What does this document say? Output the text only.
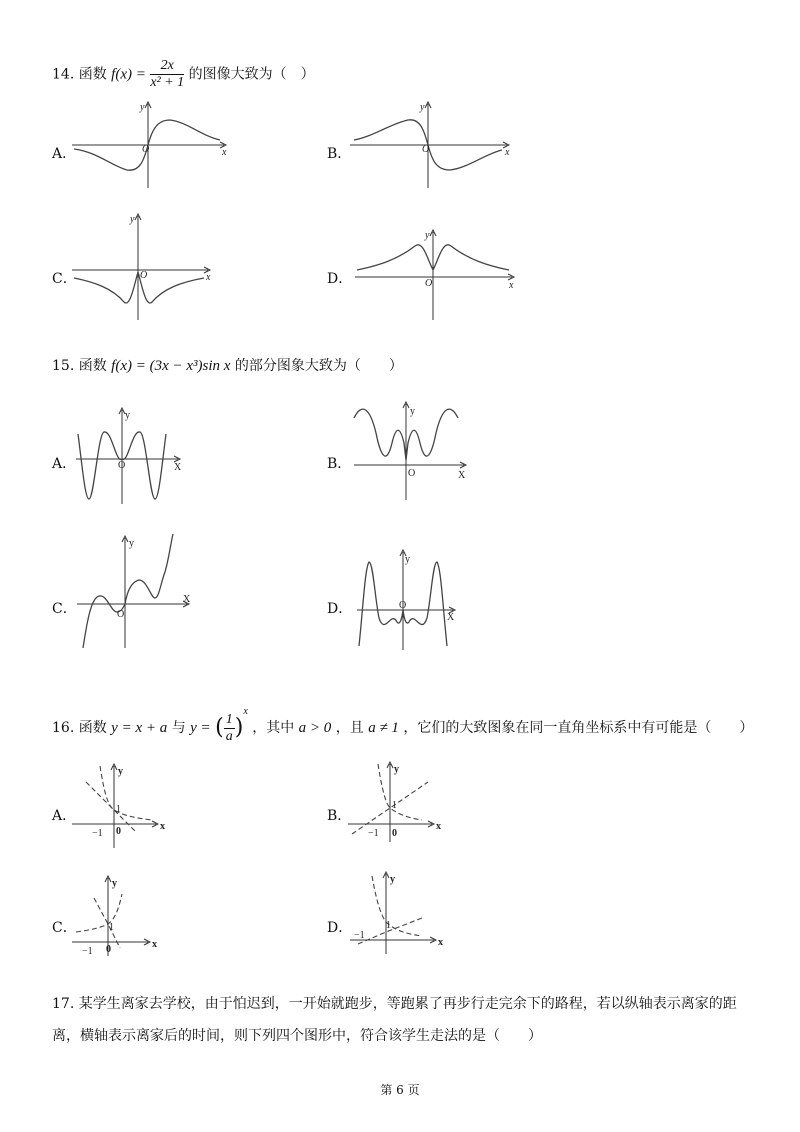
14. 函数 $f(x) = \frac{2x}{\text{x² + 1}}$ 的图像大致为（　）
A．	O	x
y
B．	O	x
y
C．	O	x
y
D．	O	x
y
15. 函数 f(x) = (3x − x³)sin x 的部分图象大致为（　　）
A．	O	X
y
B．
O	X
y
C．	O
X
y
D．	O
X
y
16. 函数 y = x + a 与 y = ( $\frac{1}{a} )^x$ ，其中 a > 0 ，且 a ≠ 1 ，它们的大致图象在同一直角坐标系中有可能是（　　）
A．
x
y
1
0
−1
B．
x
y
1
0
−1
C．
x
y
1
0
−1
D．
x
y
1
−1
17. 某学生离家去学校，由于怕迟到，一开始就跑步，等跑累了再步行走完余下的路程，若以纵轴表示离家的距离，横轴表示离家后的时间，则下列四个图形中，符合该学生走法的是（　　）
第 6 页
